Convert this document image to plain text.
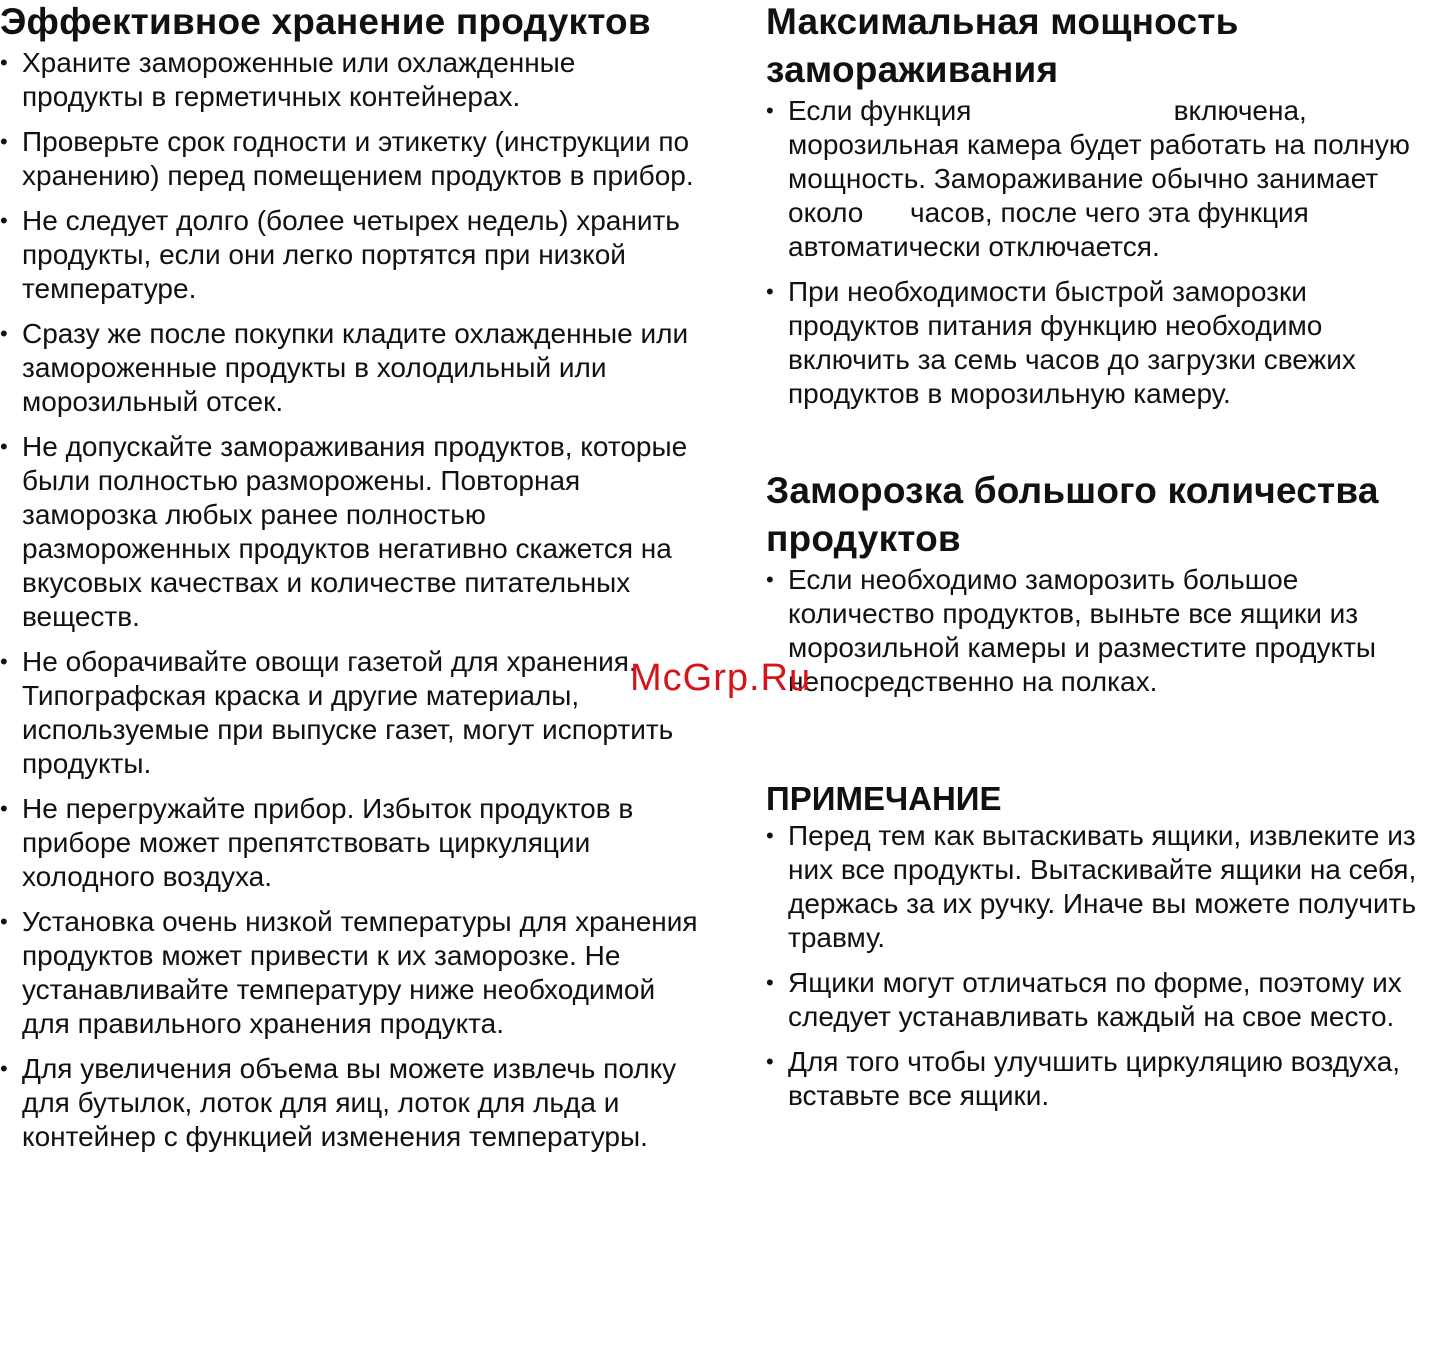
Эффективное хранение продуктов
• Храните замороженные или охлажденные продукты в герметичных контейнерах.
• Проверьте срок годности и этикетку (инструкции по хранению) перед помещением продуктов в прибор.
• Не следует долго (более четырех недель) хранить продукты, если они легко портятся при низкой температуре.
• Сразу же после покупки кладите охлажденные или замороженные продукты в холодильный или морозильный отсек.
• Не допускайте замораживания продуктов, которые были полностью разморожены. Повторная заморозка любых ранее полностью размороженных продуктов негативно скажется на вкусовых качествах и количестве питательных веществ.
• Не оборачивайте овощи газетой для хранения. Типографская краска и другие материалы, используемые при выпуске газет, могут испортить продукты.
• Не перегружайте прибор. Избыток продуктов в приборе может препятствовать циркуляции холодного воздуха.
• Установка очень низкой температуры для хранения продуктов может привести к их заморозке. Не устанавливайте температуру ниже необходимой для правильного хранения продукта.
• Для увеличения объема вы можете извлечь полку для бутылок, лоток для яиц, лоток для льда и контейнер с функцией изменения температуры.
Максимальная мощность замораживания
• Если функция                          включена, морозильная камера будет работать на полную мощность. Замораживание обычно занимает около      часов, после чего эта функция автоматически отключается.
• При необходимости быстрой заморозки продуктов питания функцию необходимо включить за семь часов до загрузки свежих продуктов в морозильную камеру.
Заморозка большого количества продуктов
• Если необходимо заморозить большое количество продуктов, выньте все ящики из морозильной камеры и разместите продукты непосредственно на полках.
ПРИМЕЧАНИЕ
• Перед тем как вытаскивать ящики, извлеките из них все продукты. Вытаскивайте ящики на себя, держась за их ручку. Иначе вы можете получить травму.
• Ящики могут отличаться по форме, поэтому их следует устанавливать каждый на свое место.
• Для того чтобы улучшить циркуляцию воздуха, вставьте все ящики.
McGrp.Ru
